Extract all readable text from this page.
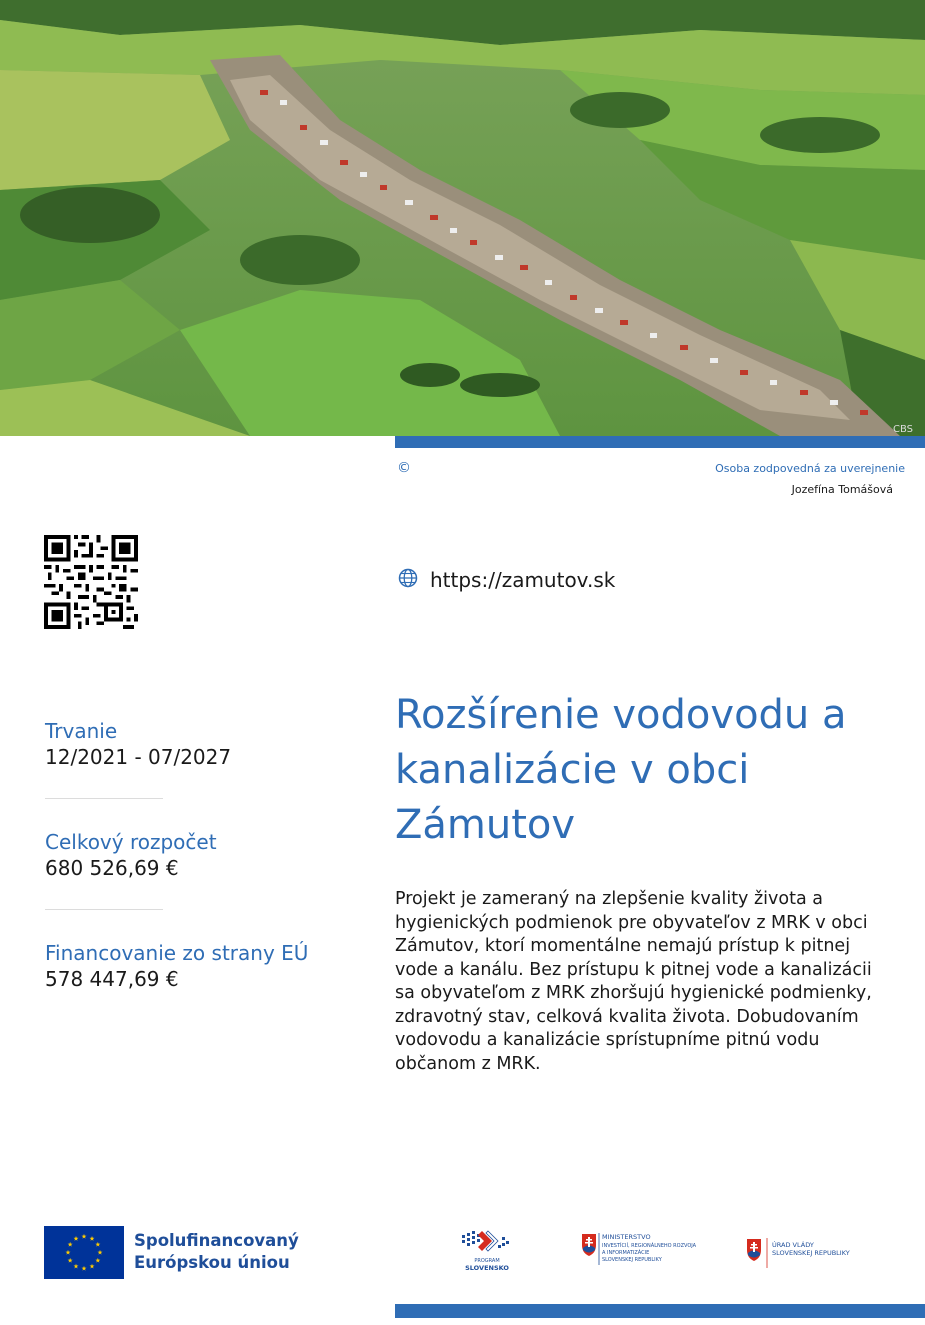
CBS
©	Osoba zodpovedná za uverejnenie
Jozefína Tomášová
https://zamutov.sk
Trvanie
12/2021 - 07/2027
Celkový rozpočet
680 526,69 €
Financovanie zo strany EÚ
578 447,69 €
Rozšírenie vodovodu a kanalizácie v obci Zámutov

Projekt je zameraný na zlepšenie kvality života a hygienických podmienok pre obyvateľov z MRK v obci Zámutov, ktorí momentálne nemajú prístup k pitnej vode a kanálu. Bez prístupu k pitnej vode a kanalizácii sa obyvateľom z MRK zhoršujú hygienické podmienky, zdravotný stav, celková kvalita života. Dobudovaním vodovodu a kanalizácie sprístupníme pitnú vodu občanom z MRK.

Spolufinancovaný
Európskou úniou	PROGRAM
SLOVENSKO
MINISTERSTVO
INVESTÍCIÍ, REGIONÁLNEHO ROZVOJA
A INFORMATIZÁCIE
SLOVENSKEJ REPUBLIKY
ÚRAD VLÁDY
SLOVENSKEJ REPUBLIKY
